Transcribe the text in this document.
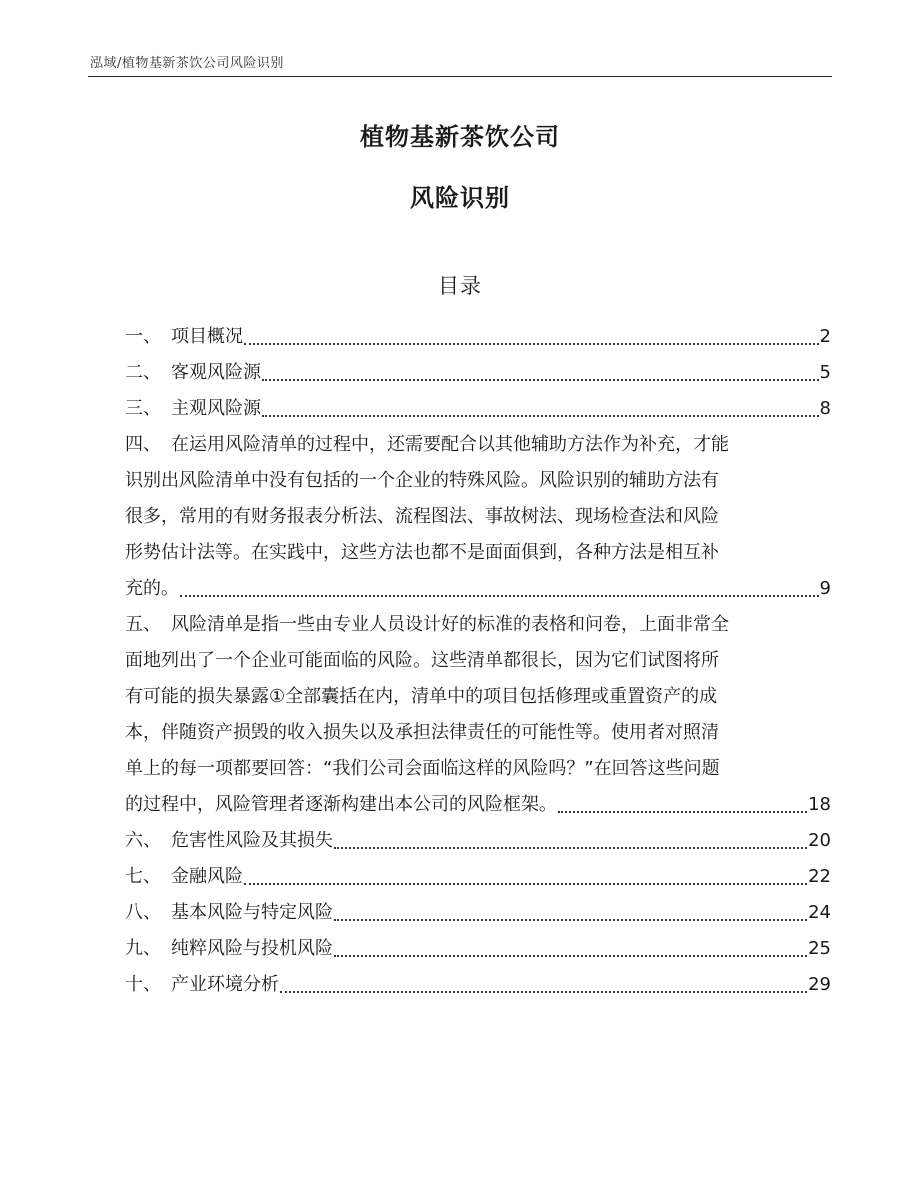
泓域/植物基新茶饮公司风险识别
植物基新茶饮公司
风险识别
目录
一、 项目概况	2
二、 客观风险源	5
三、 主观风险源	8
四、 在运用风险清单的过程中，还需要配合以其他辅助方法作为补充，才能
识别出风险清单中没有包括的一个企业的特殊风险。风险识别的辅助方法有
很多，常用的有财务报表分析法、流程图法、事故树法、现场检查法和风险
形势估计法等。在实践中，这些方法也都不是面面俱到，各种方法是相互补
充的。	9
五、 风险清单是指一些由专业人员设计好的标准的表格和问卷，上面非常全
面地列出了一个企业可能面临的风险。这些清单都很长，因为它们试图将所
有可能的损失暴露①全部囊括在内，清单中的项目包括修理或重置资产的成
本，伴随资产损毁的收入损失以及承担法律责任的可能性等。使用者对照清
单上的每一项都要回答：“我们公司会面临这样的风险吗？”在回答这些问题
的过程中，风险管理者逐渐构建出本公司的风险框架。	18
六、 危害性风险及其损失	20
七、 金融风险	22
八、 基本风险与特定风险	24
九、 纯粹风险与投机风险	25
十、 产业环境分析	29
